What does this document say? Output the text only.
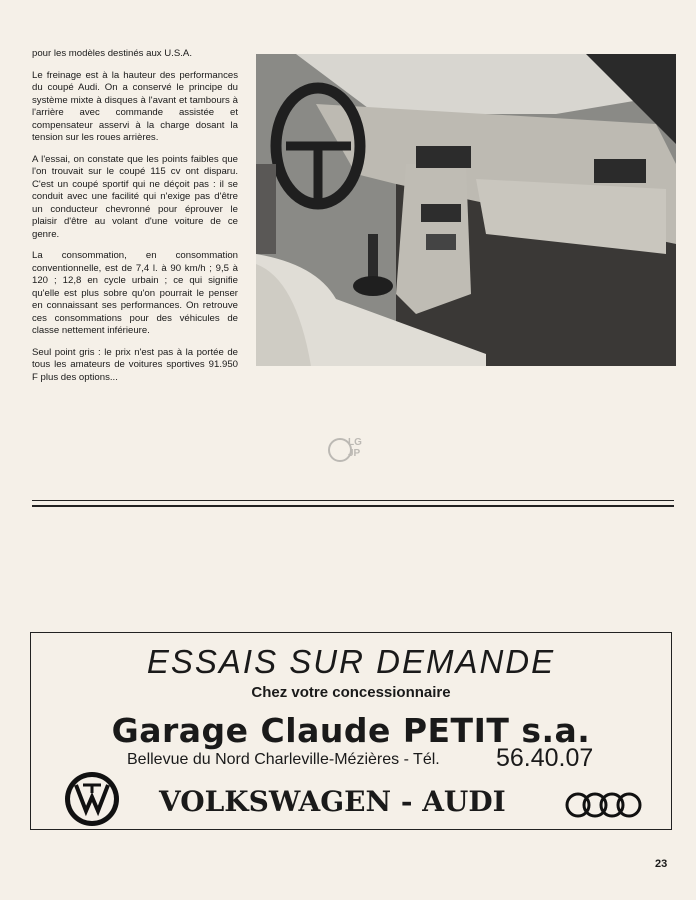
pour les modèles destinés aux U.S.A.

Le freinage est à la hauteur des performances du coupé Audi. On a conservé le principe du système mixte à disques à l'avant et tambours à l'arrière avec commande assistée et compensateur asservi à la charge dosant la tension sur les roues arrières.

A l'essai, on constate que les points faibles que l'on trouvait sur le coupé 115 cv ont disparu. C'est un coupé sportif qui ne déçoit pas : il se conduit avec une facilité qui n'exige pas d'être un conducteur chevronné pour éprouver le plaisir d'être au volant d'une voiture de ce genre.

La consommation, en consommation conventionnelle, est de 7,4 l. à 90 km/h ; 9,5 à 120 ; 12,8 en cycle urbain ; ce qui signifie qu'elle est plus sobre qu'on pourrait le penser en connaissant ses performances. On retrouve ces consommations pour des véhicules de classe nettement inférieure.

Seul point gris : le prix n'est pas à la portée de tous les amateurs de voitures sportives 91.950 F plus des options...

LG JP
ESSAIS SUR DEMANDE
Chez votre concessionnaire
Garage Claude PETIT s.a.
Bellevue du Nord Charleville-Mézières - Tél. 56.40.07
VOLKSWAGEN - AUDI
23
